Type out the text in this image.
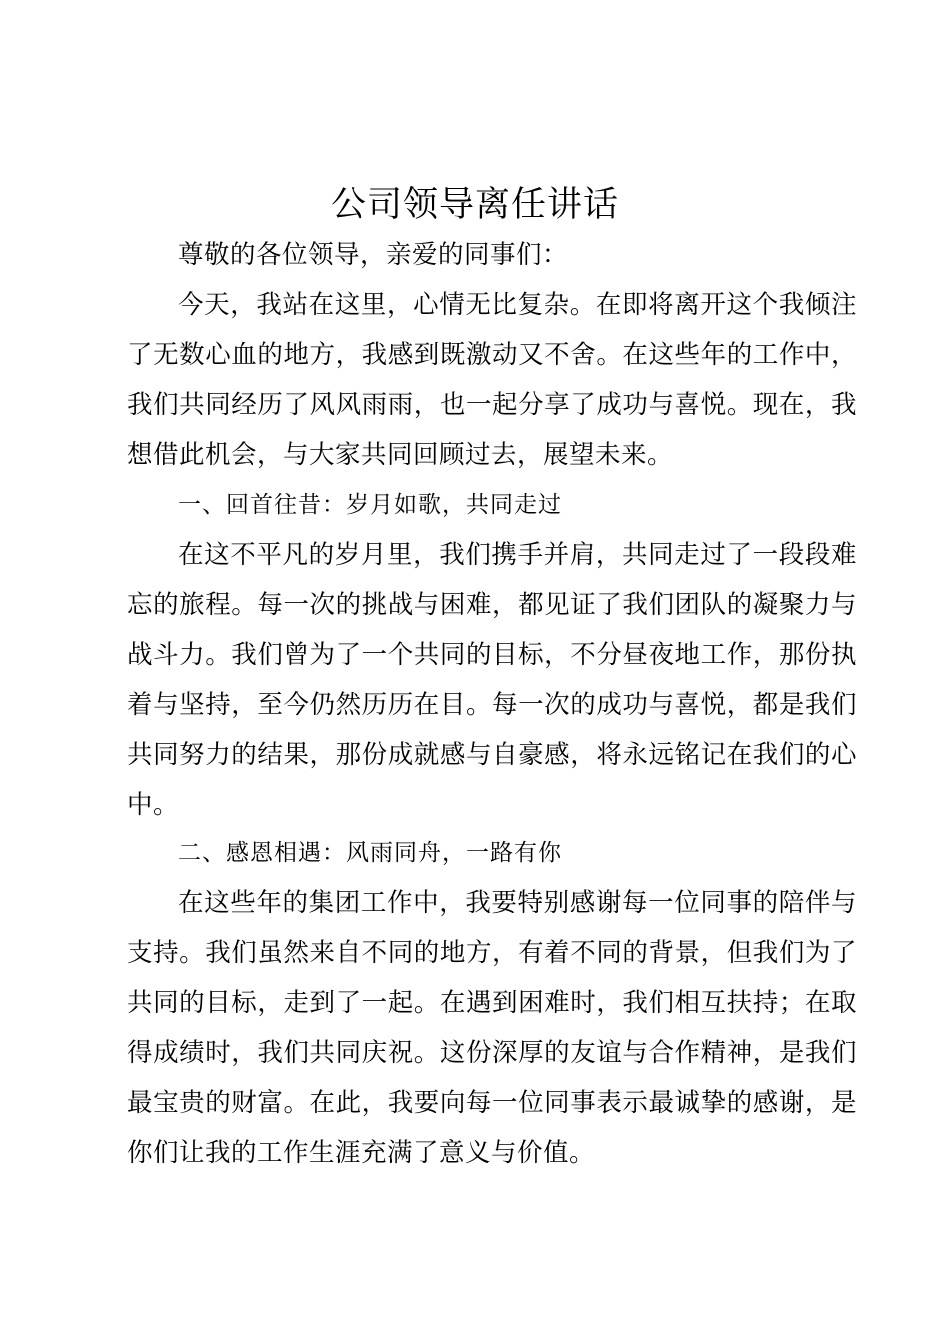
公司领导离任讲话

尊敬的各位领导，亲爱的同事们：

今天，我站在这里，心情无比复杂。在即将离开这个我倾注了无数心血的地方，我感到既激动又不舍。在这些年的工作中，我们共同经历了风风雨雨，也一起分享了成功与喜悦。现在，我想借此机会，与大家共同回顾过去，展望未来。

一、回首往昔：岁月如歌，共同走过

在这不平凡的岁月里，我们携手并肩，共同走过了一段段难忘的旅程。每一次的挑战与困难，都见证了我们团队的凝聚力与战斗力。我们曾为了一个共同的目标，不分昼夜地工作，那份执着与坚持，至今仍然历历在目。每一次的成功与喜悦，都是我们共同努力的结果，那份成就感与自豪感，将永远铭记在我们的心中。

二、感恩相遇：风雨同舟，一路有你

在这些年的集团工作中，我要特别感谢每一位同事的陪伴与支持。我们虽然来自不同的地方，有着不同的背景，但我们为了共同的目标，走到了一起。在遇到困难时，我们相互扶持；在取得成绩时，我们共同庆祝。这份深厚的友谊与合作精神，是我们最宝贵的财富。在此，我要向每一位同事表示最诚挚的感谢，是你们让我的工作生涯充满了意义与价值。
